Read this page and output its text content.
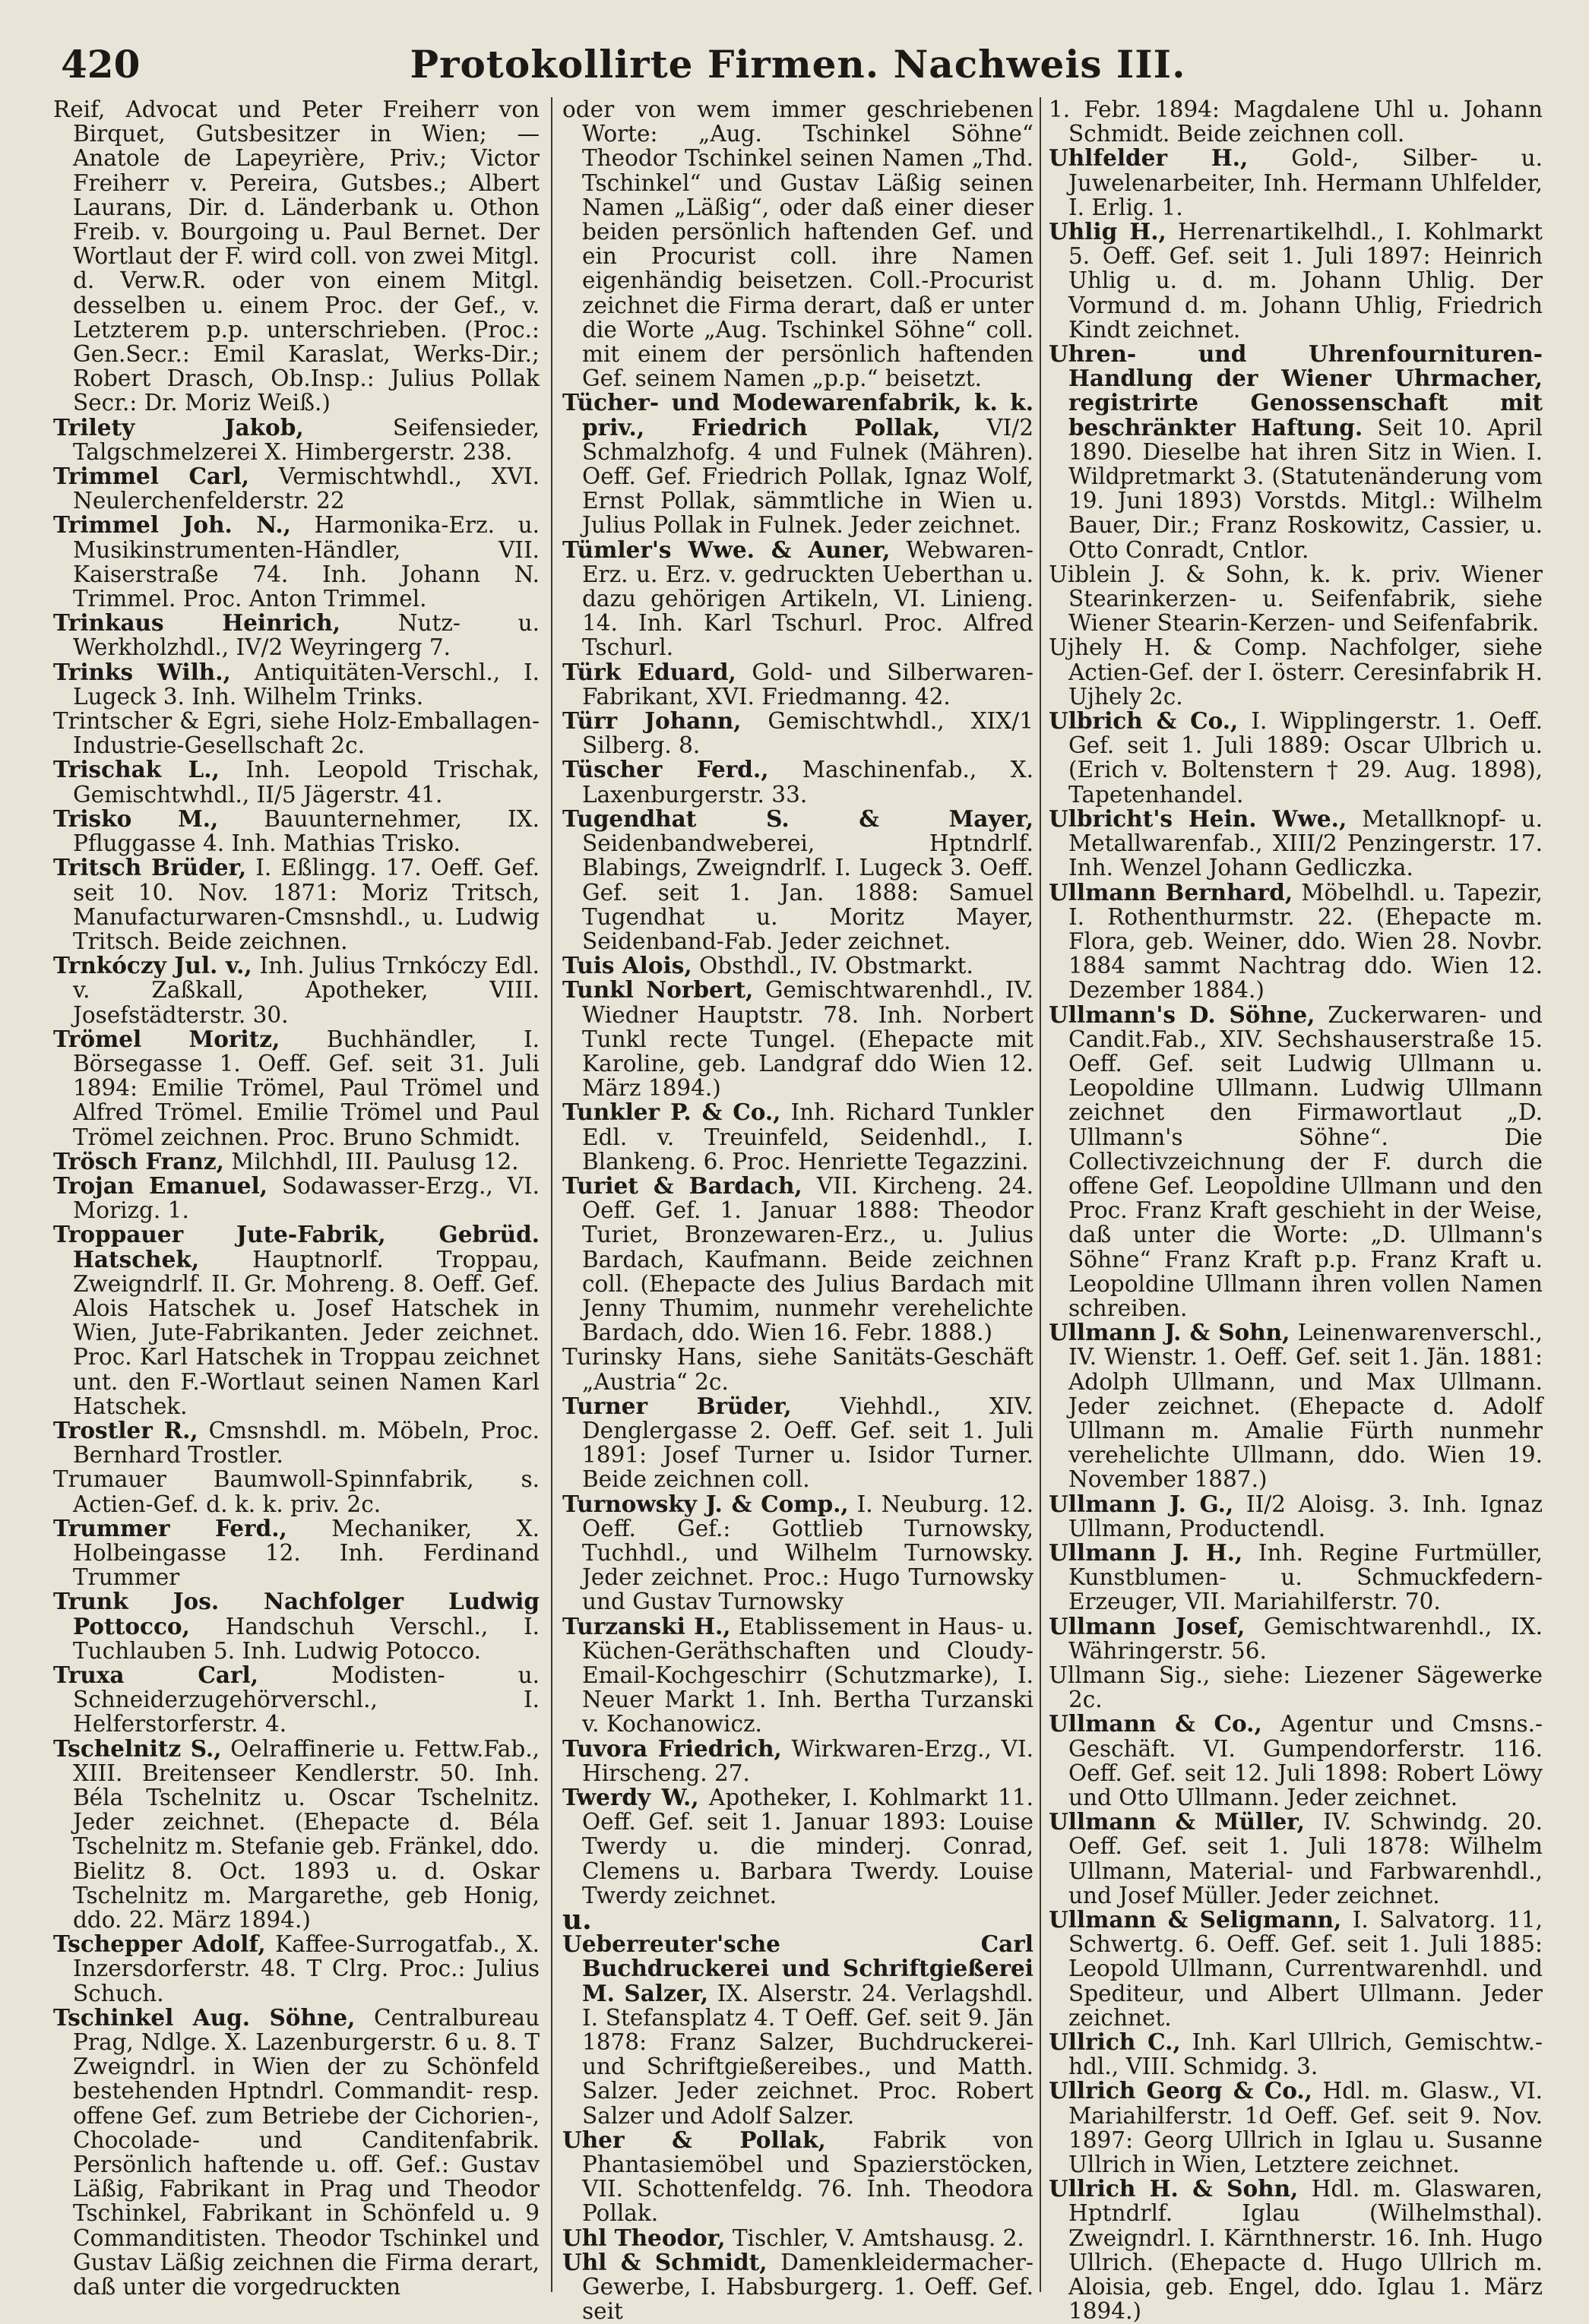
420	Protokollirte Firmen. Nachweis III.

Reif, Advocat und Peter Freiherr von Birquet, Gutsbesitzer in Wien; — Anatole de Lapeyrière, Priv.; Victor Freiherr v. Pereira, Gutsbes.; Albert Laurans, Dir. d. Länderbank u. Othon Freib. v. Bourgoing u. Paul Bernet. Der Wortlaut der F. wird coll. von zwei Mitgl. d. Verw.R. oder von einem Mitgl. desselben u. einem Proc. der Gef., v. Letzterem p.p. unterschrieben. (Proc.: Gen.Secr.: Emil Karaslat, Werks-Dir.; Robert Drasch, Ob.Insp.: Julius Pollak Secr.: Dr. Moriz Weiß.)

Trilety Jakob, Seifensieder, Talgschmelzerei X. Himbergerstr. 238.

Trimmel Carl, Vermischtwhdl., XVI. Neulerchenfelderstr. 22

Trimmel Joh. N., Harmonika-Erz. u. Musikinstrumenten-Händler, VII. Kaiserstraße 74. Inh. Johann N. Trimmel. Proc. Anton Trimmel.

Trinkaus Heinrich, Nutz- u. Werkholzhdl., IV/2 Weyringerg 7.

Trinks Wilh., Antiquitäten-Verschl., I. Lugeck 3. Inh. Wilhelm Trinks.

Trintscher & Egri, siehe Holz-Emballagen-Industrie-Gesellschaft 2c.

Trischak L., Inh. Leopold Trischak, Gemischtwhdl., II/5 Jägerstr. 41.

Trisko M., Bauunternehmer, IX. Pfluggasse 4. Inh. Mathias Trisko.

Tritsch Brüder, I. Eßlingg. 17. Oeff. Gef. seit 10. Nov. 1871: Moriz Tritsch, Manufacturwaren-Cmsnshdl., u. Ludwig Tritsch. Beide zeichnen.

Trnkóczy Jul. v., Inh. Julius Trnkóczy Edl. v. Zaßkall, Apotheker, VIII. Josefstädterstr. 30.

Trömel Moritz, Buchhändler, I. Börsegasse 1. Oeff. Gef. seit 31. Juli 1894: Emilie Trömel, Paul Trömel und Alfred Trömel. Emilie Trömel und Paul Trömel zeichnen. Proc. Bruno Schmidt.

Trösch Franz, Milchhdl, III. Paulusg 12.

Trojan Emanuel, Sodawasser-Erzg., VI. Morizg. 1.

Troppauer Jute-Fabrik, Gebrüd. Hatschek, Hauptnorlf. Troppau, Zweigndrlf. II. Gr. Mohreng. 8. Oeff. Gef. Alois Hatschek u. Josef Hatschek in Wien, Jute-Fabrikanten. Jeder zeichnet. Proc. Karl Hatschek in Troppau zeichnet unt. den F.-Wortlaut seinen Namen Karl Hatschek.

Trostler R., Cmsnshdl. m. Möbeln, Proc. Bernhard Trostler.

Trumauer Baumwoll-Spinnfabrik, s. Actien-Gef. d. k. k. priv. 2c.

Trummer Ferd., Mechaniker, X. Holbeingasse 12. Inh. Ferdinand Trummer

Trunk Jos. Nachfolger Ludwig Pottocco, Handschuh Verschl., I. Tuchlauben 5. Inh. Ludwig Potocco.

Truxa Carl, Modisten- u. Schneiderzugehörverschl., I. Helferstorferstr. 4.

Tschelnitz S., Oelraffinerie u. Fettw.Fab., XIII. Breitenseer Kendlerstr. 50. Inh. Béla Tschelnitz u. Oscar Tschelnitz. Jeder zeichnet. (Ehepacte d. Béla Tschelnitz m. Stefanie geb. Fränkel, ddo. Bielitz 8. Oct. 1893 u. d. Oskar Tschelnitz m. Margarethe, geb Honig, ddo. 22. März 1894.)

Tschepper Adolf, Kaffee-Surrogatfab., X. Inzersdorferstr. 48. T Clrg. Proc.: Julius Schuch.

Tschinkel Aug. Söhne, Centralbureau Prag, Ndlge. X. Lazenburgerstr. 6 u. 8. T Zweigndrl. in Wien der zu Schönfeld bestehenden Hptndrl. Commandit- resp. offene Gef. zum Betriebe der Cichorien-, Chocolade- und Canditenfabrik. Persönlich haftende u. off. Gef.: Gustav Läßig, Fabrikant in Prag und Theodor Tschinkel, Fabrikant in Schönfeld u. 9 Commanditisten. Theodor Tschinkel und Gustav Läßig zeichnen die Firma derart, daß unter die vorgedruckten

oder von wem immer geschriebenen Worte: „Aug. Tschinkel Söhne“ Theodor Tschinkel seinen Namen „Thd. Tschinkel“ und Gustav Läßig seinen Namen „Läßig“, oder daß einer dieser beiden persönlich haftenden Gef. und ein Procurist coll. ihre Namen eigenhändig beisetzen. Coll.-Procurist zeichnet die Firma derart, daß er unter die Worte „Aug. Tschinkel Söhne“ coll. mit einem der persönlich haftenden Gef. seinem Namen „p.p.“ beisetzt.

Tücher- und Modewarenfabrik, k. k. priv., Friedrich Pollak, VI/2 Schmalzhofg. 4 und Fulnek (Mähren). Oeff. Gef. Friedrich Pollak, Ignaz Wolf, Ernst Pollak, sämmtliche in Wien u. Julius Pollak in Fulnek. Jeder zeichnet.

Tümler's Wwe. & Auner, Webwaren-Erz. u. Erz. v. gedruckten Ueberthan u. dazu gehörigen Artikeln, VI. Linieng. 14. Inh. Karl Tschurl. Proc. Alfred Tschurl.

Türk Eduard, Gold- und Silberwaren-Fabrikant, XVI. Friedmanng. 42.

Türr Johann, Gemischtwhdl., XIX/1 Silberg. 8.

Tüscher Ferd., Maschinenfab., X. Laxenburgerstr. 33.

Tugendhat S. & Mayer, Seidenbandweberei, Hptndrlf. Blabings, Zweigndrlf. I. Lugeck 3. Oeff. Gef. seit 1. Jan. 1888: Samuel Tugendhat u. Moritz Mayer, Seidenband-Fab. Jeder zeichnet.

Tuis Alois, Obsthdl., IV. Obstmarkt.

Tunkl Norbert, Gemischtwarenhdl., IV. Wiedner Hauptstr. 78. Inh. Norbert Tunkl recte Tungel. (Ehepacte mit Karoline, geb. Landgraf ddo Wien 12. März 1894.)

Tunkler P. & Co., Inh. Richard Tunkler Edl. v. Treuinfeld, Seidenhdl., I. Blankeng. 6. Proc. Henriette Tegazzini.

Turiet & Bardach, VII. Kircheng. 24. Oeff. Gef. 1. Januar 1888: Theodor Turiet, Bronzewaren-Erz., u. Julius Bardach, Kaufmann. Beide zeichnen coll. (Ehepacte des Julius Bardach mit Jenny Thumim, nunmehr verehelichte Bardach, ddo. Wien 16. Febr. 1888.)

Turinsky Hans, siehe Sanitäts-Geschäft „Austria“ 2c.

Turner Brüder, Viehhdl., XIV. Denglergasse 2. Oeff. Gef. seit 1. Juli 1891: Josef Turner u. Isidor Turner. Beide zeichnen coll.

Turnowsky J. & Comp., I. Neuburg. 12. Oeff. Gef.: Gottlieb Turnowsky, Tuchhdl., und Wilhelm Turnowsky. Jeder zeichnet. Proc.: Hugo Turnowsky und Gustav Turnowsky

Turzanski H., Etablissement in Haus- u. Küchen-Geräthschaften und Cloudy-Email-Kochgeschirr (Schutzmarke), I. Neuer Markt 1. Inh. Bertha Turzanski v. Kochanowicz.

Tuvora Friedrich, Wirkwaren-Erzg., VI. Hirscheng. 27.

Twerdy W., Apotheker, I. Kohlmarkt 11. Oeff. Gef. seit 1. Januar 1893: Louise Twerdy u. die minderj. Conrad, Clemens u. Barbara Twerdy. Louise Twerdy zeichnet.

u.

Ueberreuter'sche Carl Buchdruckerei und Schriftgießerei M. Salzer, IX. Alserstr. 24. Verlagshdl. I. Stefansplatz 4. T Oeff. Gef. seit 9. Jän 1878: Franz Salzer, Buchdruckerei- und Schriftgießereibes., und Matth. Salzer. Jeder zeichnet. Proc. Robert Salzer und Adolf Salzer.

Uher & Pollak, Fabrik von Phantasiemöbel und Spazierstöcken, VII. Schottenfeldg. 76. Inh. Theodora Pollak.

Uhl Theodor, Tischler, V. Amtshausg. 2.

Uhl & Schmidt, Damenkleidermacher-Gewerbe, I. Habsburgerg. 1. Oeff. Gef. seit

1. Febr. 1894: Magdalene Uhl u. Johann Schmidt. Beide zeichnen coll.

Uhlfelder H., Gold-, Silber- u. Juwelenarbeiter, Inh. Hermann Uhlfelder, I. Erlig. 1.

Uhlig H., Herrenartikelhdl., I. Kohlmarkt 5. Oeff. Gef. seit 1. Juli 1897: Heinrich Uhlig u. d. m. Johann Uhlig. Der Vormund d. m. Johann Uhlig, Friedrich Kindt zeichnet.

Uhren- und Uhrenfournituren-Handlung der Wiener Uhrmacher, registrirte Genossenschaft mit beschränkter Haftung. Seit 10. April 1890. Dieselbe hat ihren Sitz in Wien. I. Wildpretmarkt 3. (Statutenänderung vom 19. Juni 1893) Vorstds. Mitgl.: Wilhelm Bauer, Dir.; Franz Roskowitz, Cassier, u. Otto Conradt, Cntlor.

Uiblein J. & Sohn, k. k. priv. Wiener Stearinkerzen- u. Seifenfabrik, siehe Wiener Stearin-Kerzen- und Seifenfabrik.

Ujhely H. & Comp. Nachfolger, siehe Actien-Gef. der I. österr. Ceresinfabrik H. Ujhely 2c.

Ulbrich & Co., I. Wipplingerstr. 1. Oeff. Gef. seit 1. Juli 1889: Oscar Ulbrich u. (Erich v. Boltenstern † 29. Aug. 1898), Tapetenhandel.

Ulbricht's Hein. Wwe., Metallknopf- u. Metallwarenfab., XIII/2 Penzingerstr. 17. Inh. Wenzel Johann Gedliczka.

Ullmann Bernhard, Möbelhdl. u. Tapezir, I. Rothenthurmstr. 22. (Ehepacte m. Flora, geb. Weiner, ddo. Wien 28. Novbr. 1884 sammt Nachtrag ddo. Wien 12. Dezember 1884.)

Ullmann's D. Söhne, Zuckerwaren- und Candit.Fab., XIV. Sechshauserstraße 15. Oeff. Gef. seit Ludwig Ullmann u. Leopoldine Ullmann. Ludwig Ullmann zeichnet den Firmawortlaut „D. Ullmann's Söhne“. Die Collectivzeichnung der F. durch die offene Gef. Leopoldine Ullmann und den Proc. Franz Kraft geschieht in der Weise, daß unter die Worte: „D. Ullmann's Söhne“ Franz Kraft p.p. Franz Kraft u. Leopoldine Ullmann ihren vollen Namen schreiben.

Ullmann J. & Sohn, Leinenwarenverschl., IV. Wienstr. 1. Oeff. Gef. seit 1. Jän. 1881: Adolph Ullmann, und Max Ullmann. Jeder zeichnet. (Ehepacte d. Adolf Ullmann m. Amalie Fürth nunmehr verehelichte Ullmann, ddo. Wien 19. November 1887.)

Ullmann J. G., II/2 Aloisg. 3. Inh. Ignaz Ullmann, Productendl.

Ullmann J. H., Inh. Regine Furtmüller, Kunstblumen- u. Schmuckfedern-Erzeuger, VII. Mariahilferstr. 70.

Ullmann Josef, Gemischtwarenhdl., IX. Währingerstr. 56.

Ullmann Sig., siehe: Liezener Sägewerke 2c.

Ullmann & Co., Agentur und Cmsns.-Geschäft. VI. Gumpendorferstr. 116. Oeff. Gef. seit 12. Juli 1898: Robert Löwy und Otto Ullmann. Jeder zeichnet.

Ullmann & Müller, IV. Schwindg. 20. Oeff. Gef. seit 1. Juli 1878: Wilhelm Ullmann, Material- und Farbwarenhdl., und Josef Müller. Jeder zeichnet.

Ullmann & Seligmann, I. Salvatorg. 11, Schwertg. 6. Oeff. Gef. seit 1. Juli 1885: Leopold Ullmann, Currentwarenhdl. und Spediteur, und Albert Ullmann. Jeder zeichnet.

Ullrich C., Inh. Karl Ullrich, Gemischtw.-hdl., VIII. Schmidg. 3.

Ullrich Georg & Co., Hdl. m. Glasw., VI. Mariahilferstr. 1d Oeff. Gef. seit 9. Nov. 1897: Georg Ullrich in Iglau u. Susanne Ullrich in Wien, Letztere zeichnet.

Ullrich H. & Sohn, Hdl. m. Glaswaren, Hptndrlf. Iglau (Wilhelmsthal). Zweigndrl. I. Kärnthnerstr. 16. Inh. Hugo Ullrich. (Ehepacte d. Hugo Ullrich m. Aloisia, geb. Engel, ddo. Iglau 1. März 1894.)
